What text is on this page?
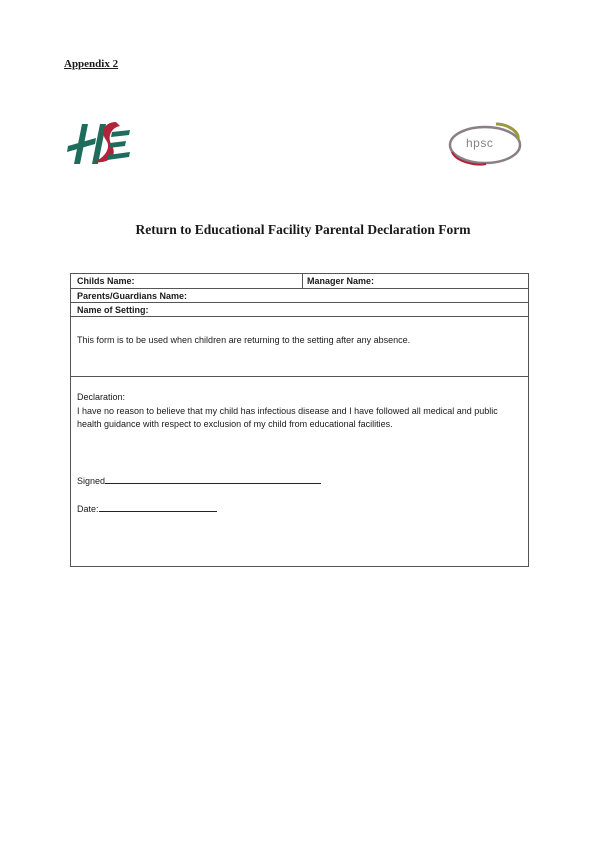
Appendix 2
hpsc
Return to Educational Facility Parental Declaration Form
Childs Name:	Manager Name:
Parents/Guardians Name:
Name of Setting:
This form is to be used when children are returning to the setting after any absence.
Declaration:
I have no reason to believe that my child has infectious disease and I have followed all medical and public health guidance with respect to exclusion of my child from educational facilities.
Signed
Date:
